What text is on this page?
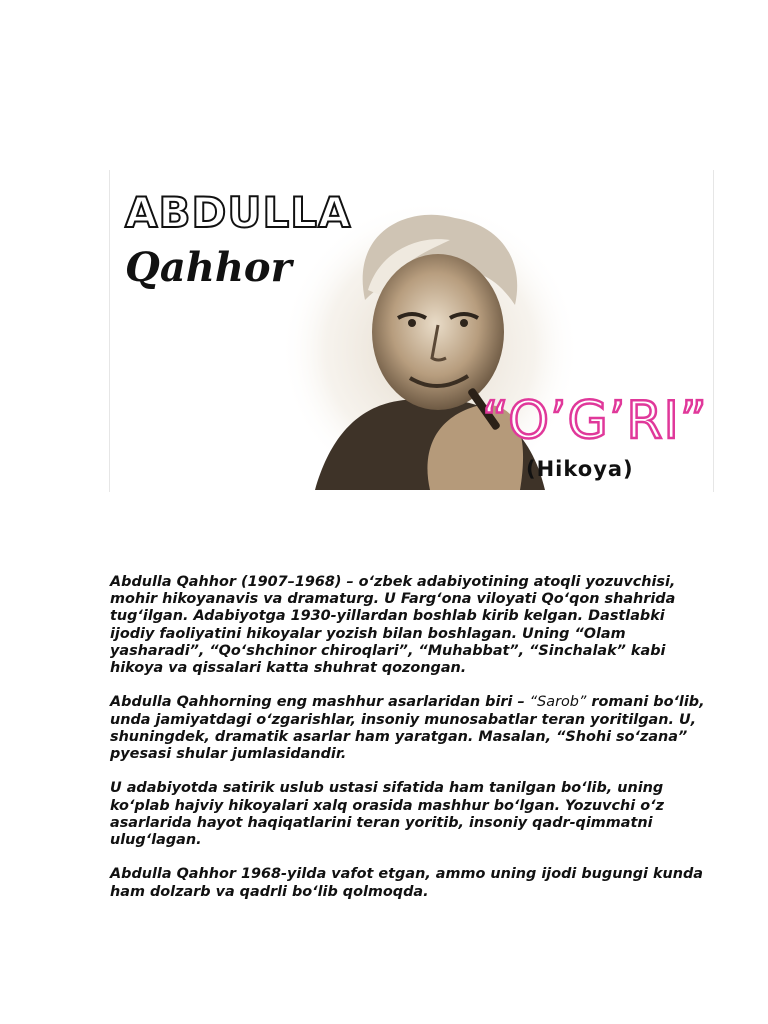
ABDULLA
Qahhor
“O’G’RI”
(Hikoya)

Abdulla Qahhor (1907–1968) – o‘zbek adabiyotining atoqli yozuvchisi, mohir hikoyanavis va dramaturg. U Farg‘ona viloyati Qo‘qon shahrida tug‘ilgan. Adabiyotga 1930-yillardan boshlab kirib kelgan. Dastlabki ijodiy faoliyatini hikoyalar yozish bilan boshlagan. Uning “Olam yasharadi”, “Qo‘shchinor chiroqlari”, “Muhabbat”, “Sinchalak” kabi hikoya va qissalari katta shuhrat qozongan.

Abdulla Qahhorning eng mashhur asarlaridan biri – “Sarob” romani bo‘lib, unda jamiyatdagi o‘zgarishlar, insoniy munosabatlar teran yoritilgan. U, shuningdek, dramatik asarlar ham yaratgan. Masalan, “Shohi so‘zana” pyesasi shular jumlasidandir.

U adabiyotda satirik uslub ustasi sifatida ham tanilgan bo‘lib, uning ko‘plab hajviy hikoyalari xalq orasida mashhur bo‘lgan. Yozuvchi o‘z asarlarida hayot haqiqatlarini teran yoritib, insoniy qadr-qimmatni ulug‘lagan.

Abdulla Qahhor 1968-yilda vafot etgan, ammo uning ijodi bugungi kunda ham dolzarb va qadrli bo‘lib qolmoqda.
